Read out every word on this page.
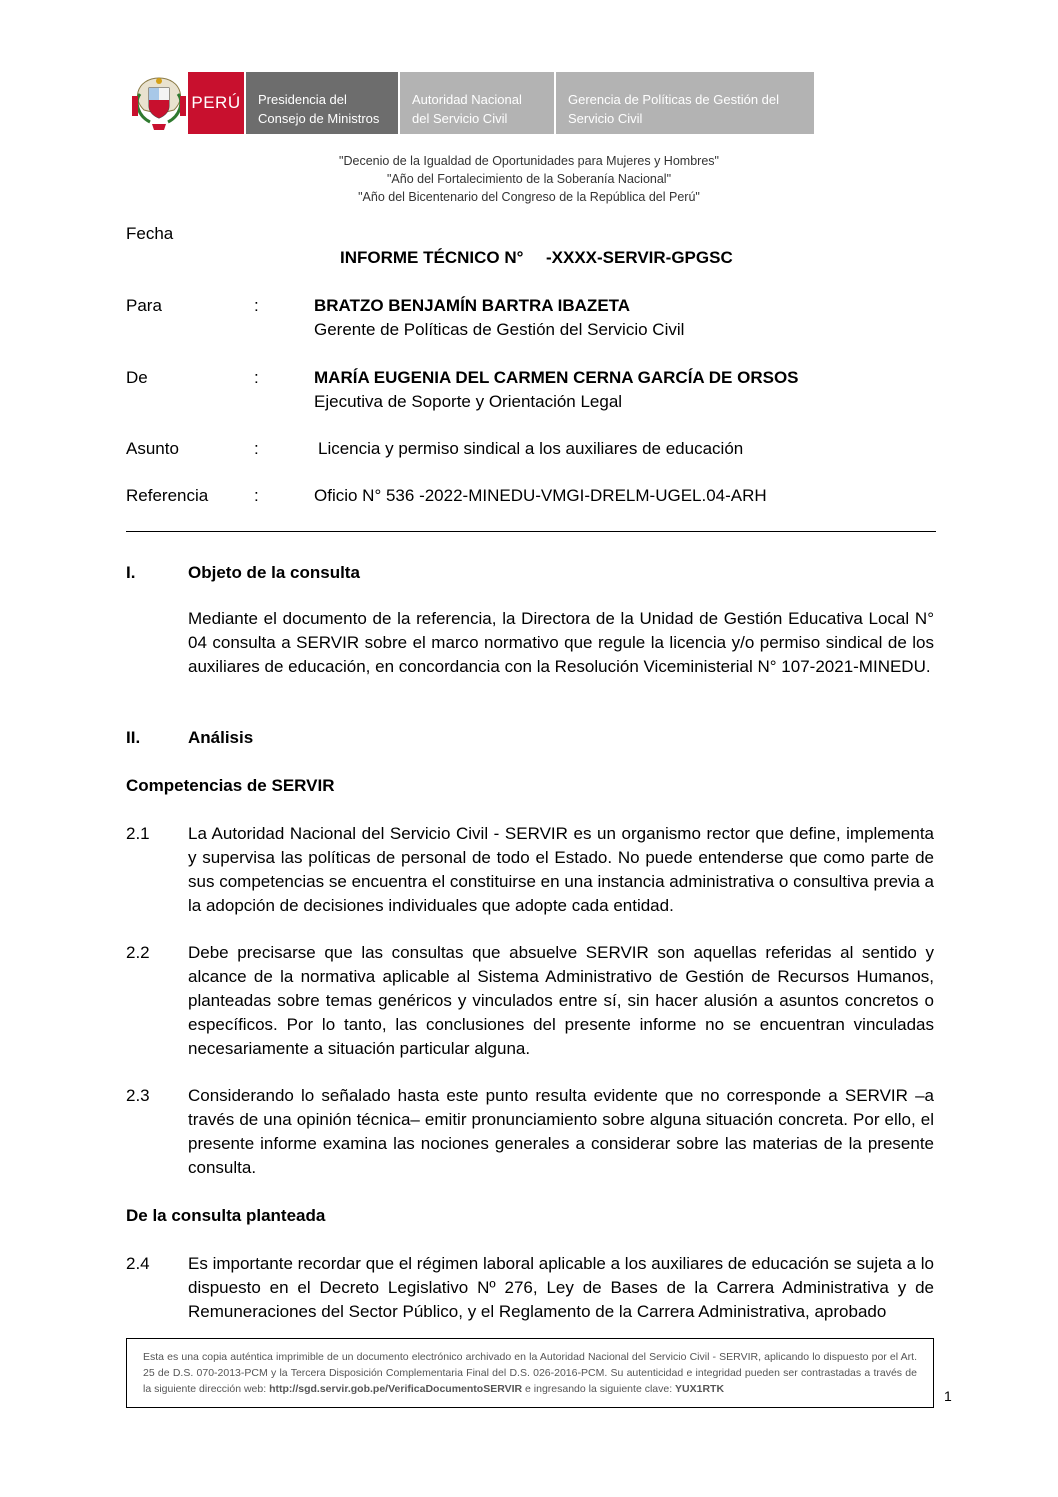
PERÚ Presidencia del
Consejo de Ministros
Autoridad Nacional
del Servicio Civil
Gerencia de Políticas de Gestión del
Servicio Civil
"Decenio de la Igualdad de Oportunidades para Mujeres y Hombres"
"Año del Fortalecimiento de la Soberanía Nacional"
"Año del Bicentenario del Congreso de la República del Perú"
Fecha
INFORME TÉCNICO N° -XXXX-SERVIR-GPGSC
Para	:	BRATZO BENJAMÍN BARTRA IBAZETA
Gerente de Políticas de Gestión del Servicio Civil
De	:	MARÍA EUGENIA DEL CARMEN CERNA GARCÍA DE ORSOS
Ejecutiva de Soporte y Orientación Legal
Asunto	:	Licencia y permiso sindical a los auxiliares de educación
Referencia	:	Oficio N° 536 -2022-MINEDU-VMGI-DRELM-UGEL.04-ARH
I.	Objeto de la consulta
Mediante el documento de la referencia, la Directora de la Unidad de Gestión Educativa Local N° 04 consulta a SERVIR sobre el marco normativo que regule la licencia y/o permiso sindical de los auxiliares de educación, en concordancia con la Resolución Viceministerial N° 107-2021-MINEDU.
II.	Análisis
Competencias de SERVIR
2.1 La Autoridad Nacional del Servicio Civil - SERVIR es un organismo rector que define, implementa y supervisa las políticas de personal de todo el Estado. No puede entenderse que como parte de sus competencias se encuentra el constituirse en una instancia administrativa o consultiva previa a la adopción de decisiones individuales que adopte cada entidad.
2.2 Debe precisarse que las consultas que absuelve SERVIR son aquellas referidas al sentido y alcance de la normativa aplicable al Sistema Administrativo de Gestión de Recursos Humanos, planteadas sobre temas genéricos y vinculados entre sí, sin hacer alusión a asuntos concretos o específicos. Por lo tanto, las conclusiones del presente informe no se encuentran vinculadas necesariamente a situación particular alguna.
2.3 Considerando lo señalado hasta este punto resulta evidente que no corresponde a SERVIR –a través de una opinión técnica– emitir pronunciamiento sobre alguna situación concreta. Por ello, el presente informe examina las nociones generales a considerar sobre las materias de la presente consulta.
De la consulta planteada
2.4 Es importante recordar que el régimen laboral aplicable a los auxiliares de educación se sujeta a lo dispuesto en el Decreto Legislativo Nº 276, Ley de Bases de la Carrera Administrativa y de Remuneraciones del Sector Público, y el Reglamento de la Carrera Administrativa, aprobado
Esta es una copia auténtica imprimible de un documento electrónico archivado en la Autoridad Nacional del Servicio Civil - SERVIR, aplicando lo dispuesto por el Art. 25 de D.S. 070-2013-PCM y la Tercera Disposición Complementaria Final del D.S. 026-2016-PCM. Su autenticidad e integridad pueden ser contrastadas a través de la siguiente dirección web: http://sgd.servir.gob.pe/VerificaDocumentoSERVIR e ingresando la siguiente clave: YUX1RTK	1
